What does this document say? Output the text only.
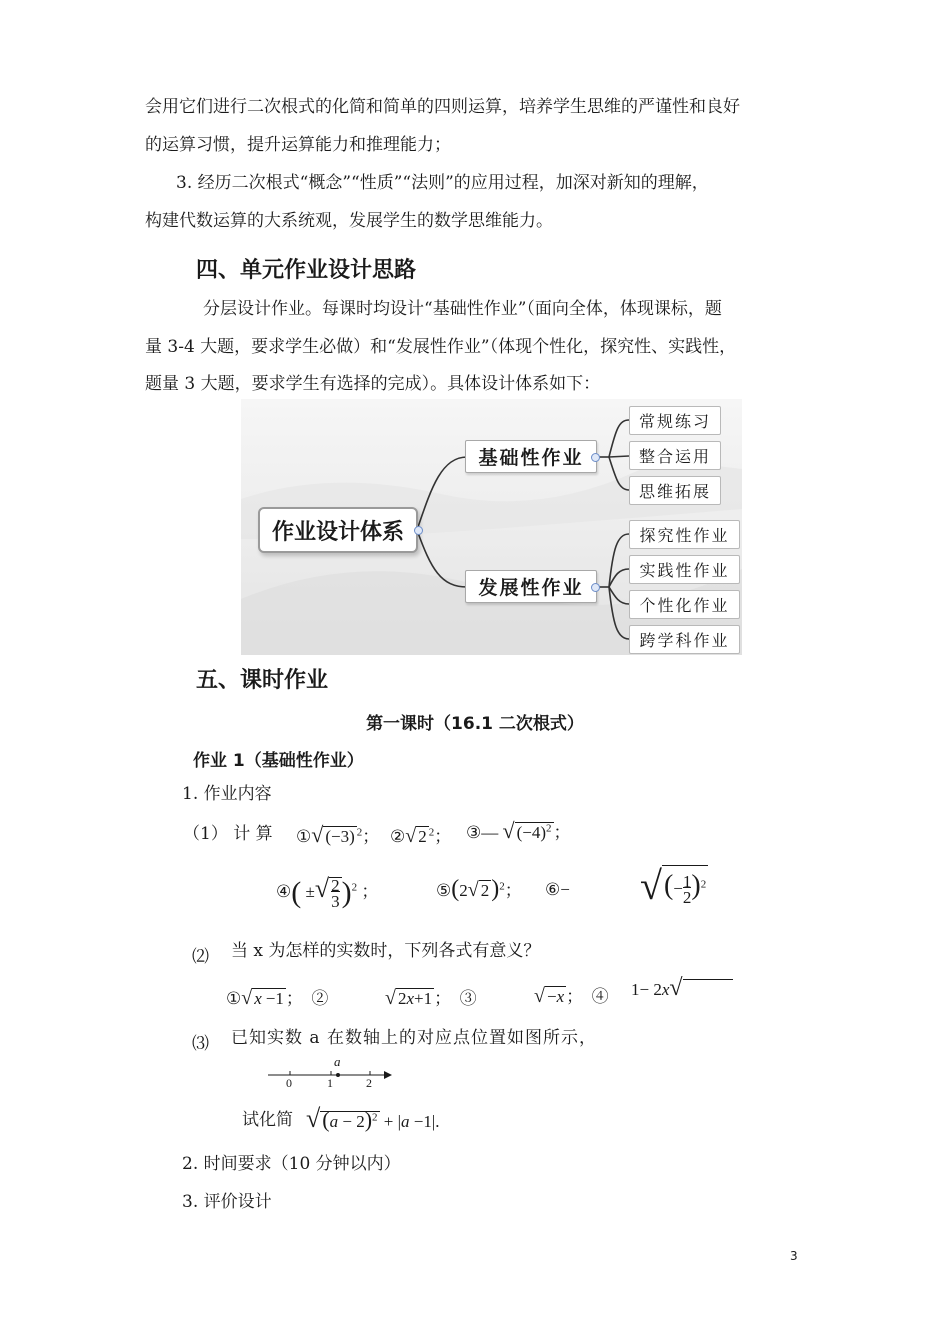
会用它们进行二次根式的化简和简单的四则运算，培养学生思维的严谨性和良好
的运算习惯，提升运算能力和推理能力；
3. 经历二次根式“概念”“性质”“法则”的应用过程，加深对新知的理解，
构建代数运算的大系统观，发展学生的数学思维能力。
四、单元作业设计思路
分层设计作业。每课时均设计“基础性作业”（面向全体，体现课标，题
量 3-4 大题，要求学生必做）和“发展性作业”（体现个性化，探究性、实践性，
题量 3 大题，要求学生有选择的完成）。具体设计体系如下：
作业设计体系
基础性作业
常规练习
整合运用
思维拓展
发展性作业
探究性作业
实践性作业
个性化作业
跨学科作业
五、课时作业
第一课时（16.1 二次根式）
作业 1（基础性作业）
1. 作业内容
（1） 计 算 ①√ (−3) $^2$； ②√ 2 $^2$； ③— √ $(-4)^2$ ；
④( ±√ 2
3)$^2$ ；	⑤(2√ 2)$^2$； ⑥− √(−1
2)$^2$
⑵ 当 x 为怎样的实数时，下列各式有意义？
①√ x −1 ；　②	√ 2x+1 ；　③	√ −x ；　④ 1− 2x√
⑶ 已知实数 a 在数轴上的对应点位置如图所示，
a
0	1	2
试化简 $√(a - 2)^2 + |a -1|$.
2. 时间要求（10 分钟以内）
3. 评价设计
3
